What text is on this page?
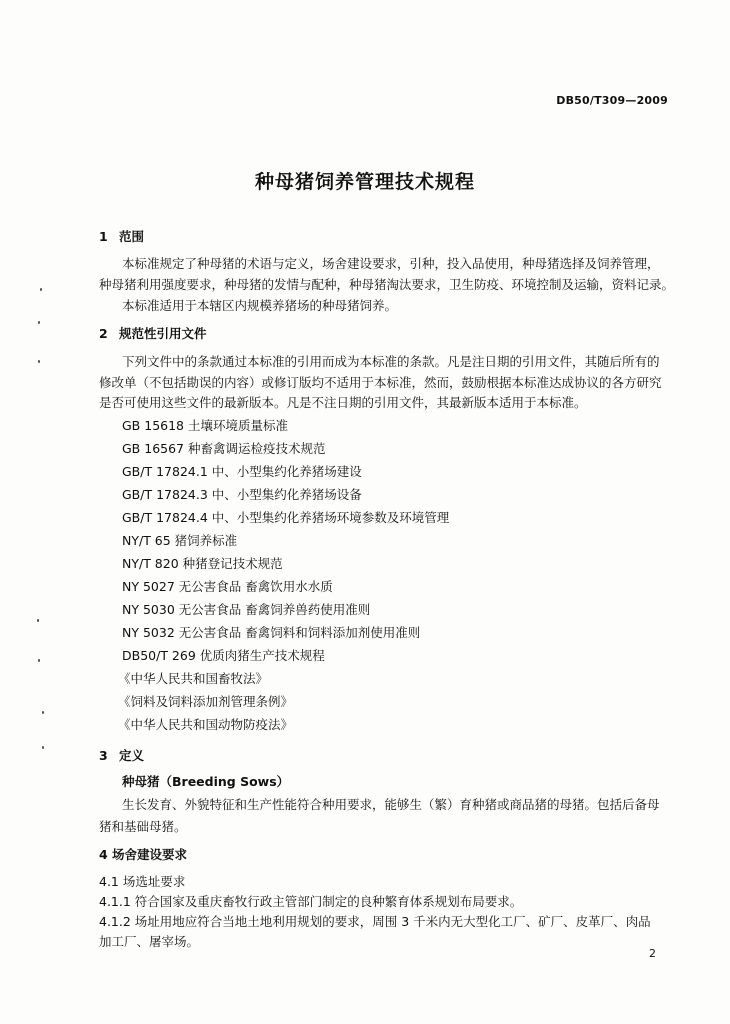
DB50/T309—2009
种母猪饲养管理技术规程
1 范围
本标准规定了种母猪的术语与定义，场舍建设要求，引种，投入品使用，种母猪选择及饲养管理，
种母猪利用强度要求，种母猪的发情与配种，种母猪淘汰要求，卫生防疫、环境控制及运输，资料记录。
本标准适用于本辖区内规模养猪场的种母猪饲养。
2 规范性引用文件
下列文件中的条款通过本标准的引用而成为本标准的条款。凡是注日期的引用文件，其随后所有的
修改单（不包括勘误的内容）或修订版均不适用于本标准，然而，鼓励根据本标准达成协议的各方研究
是否可使用这些文件的最新版本。凡是不注日期的引用文件，其最新版本适用于本标准。
GB 15618 土壤环境质量标准
GB 16567 种畜禽调运检疫技术规范
GB/T 17824.1 中、小型集约化养猪场建设
GB/T 17824.3 中、小型集约化养猪场设备
GB/T 17824.4 中、小型集约化养猪场环境参数及环境管理
NY/T 65 猪饲养标准
NY/T 820 种猪登记技术规范
NY 5027 无公害食品 畜禽饮用水水质
NY 5030 无公害食品 畜禽饲养兽药使用准则
NY 5032 无公害食品 畜禽饲料和饲料添加剂使用准则
DB50/T 269 优质肉猪生产技术规程
《中华人民共和国畜牧法》
《饲料及饲料添加剂管理条例》
《中华人民共和国动物防疫法》
3 定义
种母猪（Breeding Sows）
生长发育、外貌特征和生产性能符合种用要求，能够生（繁）育种猪或商品猪的母猪。包括后备母
猪和基础母猪。
4 场舍建设要求
4.1 场选址要求
4.1.1 符合国家及重庆畜牧行政主管部门制定的良种繁育体系规划布局要求。
4.1.2 场址用地应符合当地土地利用规划的要求，周围 3 千米内无大型化工厂、矿厂、皮革厂、肉品
加工厂、屠宰场。
2
